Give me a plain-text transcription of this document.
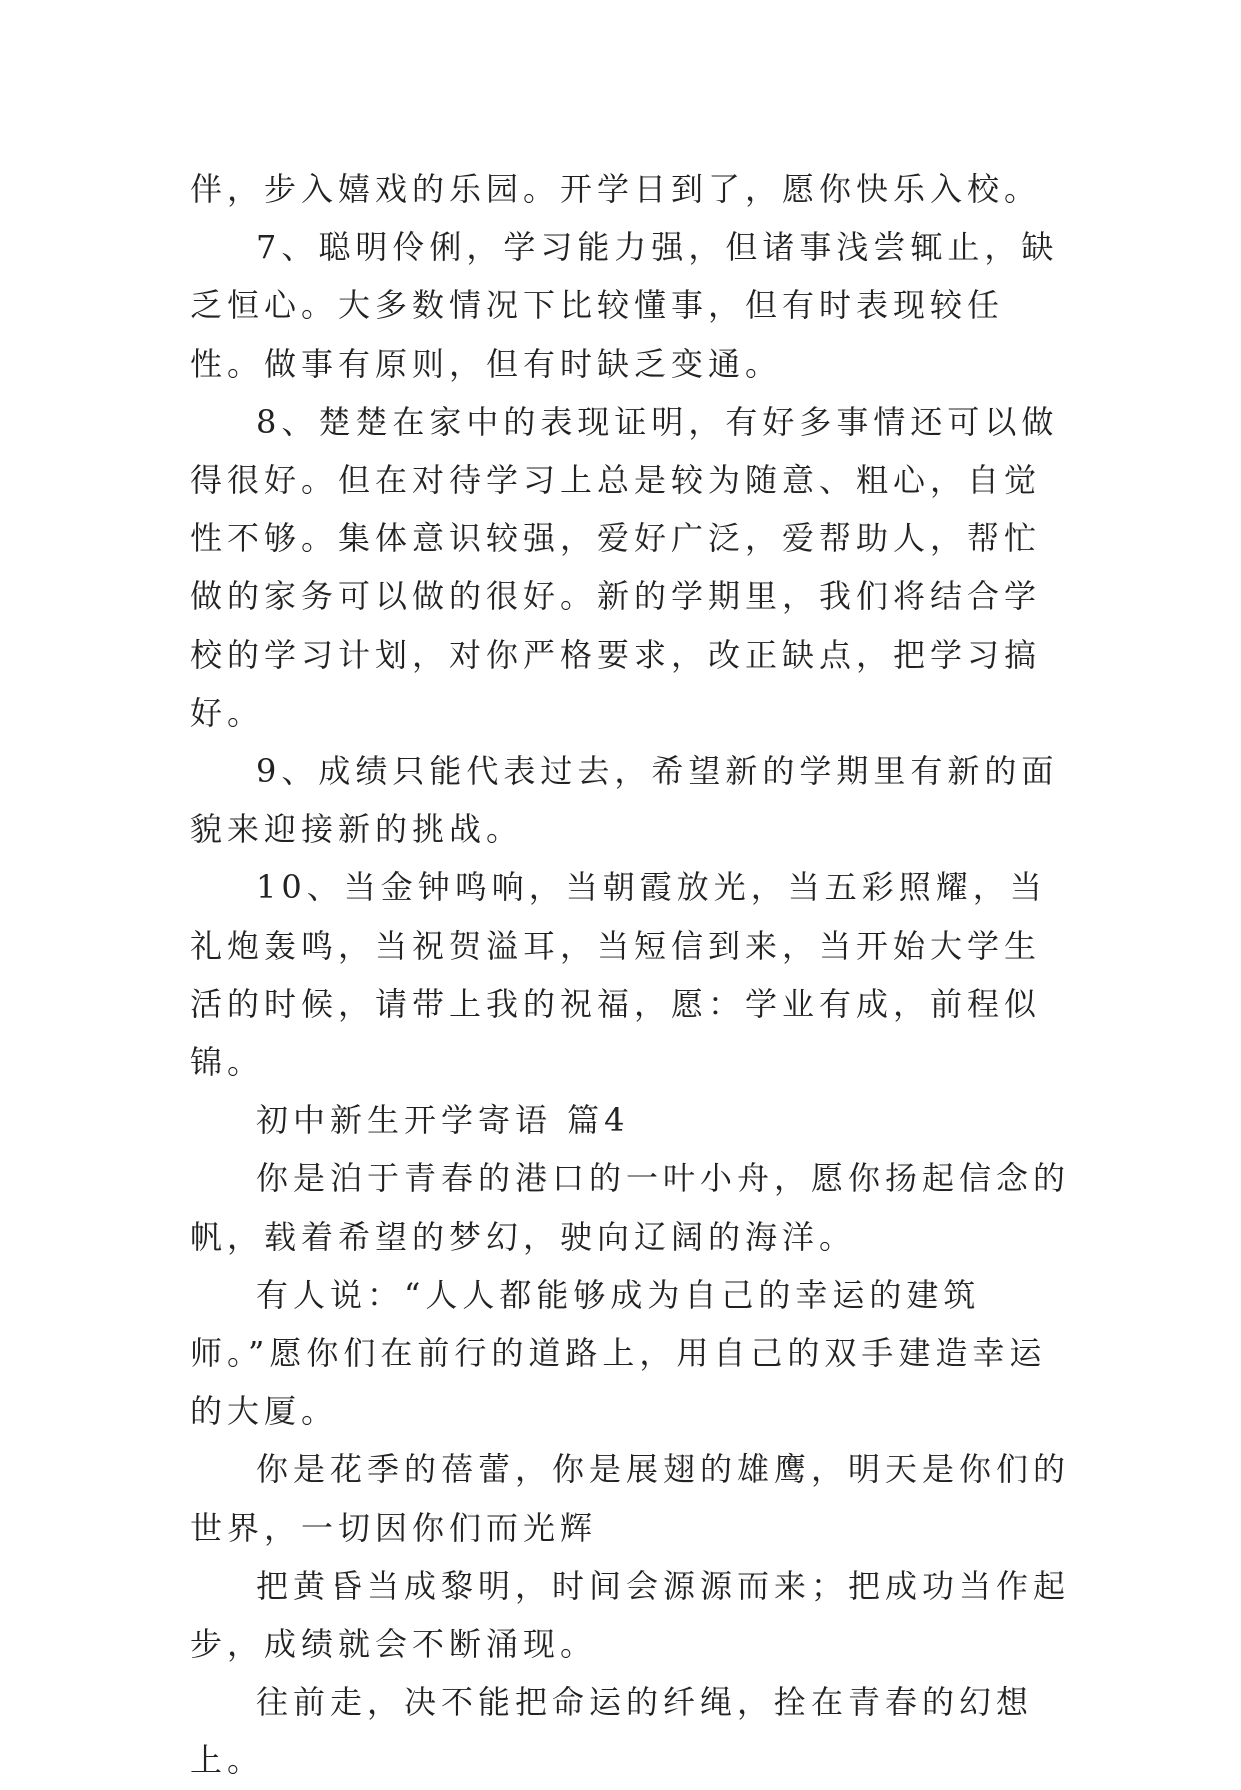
伴，步入嬉戏的乐园。开学日到了，愿你快乐入校。

7、聪明伶俐，学习能力强，但诸事浅尝辄止，缺乏恒心。大多数情况下比较懂事，但有时表现较任性。做事有原则，但有时缺乏变通。

8、楚楚在家中的表现证明，有好多事情还可以做得很好。但在对待学习上总是较为随意、粗心，自觉性不够。集体意识较强，爱好广泛，爱帮助人，帮忙做的家务可以做的很好。新的学期里，我们将结合学校的学习计划，对你严格要求，改正缺点，把学习搞好。

9、成绩只能代表过去，希望新的学期里有新的面貌来迎接新的挑战。

10、当金钟鸣响，当朝霞放光，当五彩照耀，当礼炮轰鸣，当祝贺溢耳，当短信到来，当开始大学生活的时候，请带上我的祝福，愿：学业有成，前程似锦。

初中新生开学寄语 篇4

你是泊于青春的港口的一叶小舟，愿你扬起信念的帆，载着希望的梦幻，驶向辽阔的海洋。

有人说：“人人都能够成为自己的幸运的建筑师。”愿你们在前行的道路上，用自己的双手建造幸运的大厦。

你是花季的蓓蕾，你是展翅的雄鹰，明天是你们的世界，一切因你们而光辉

把黄昏当成黎明，时间会源源而来；把成功当作起步，成绩就会不断涌现。

往前走，决不能把命运的纤绳，拴在青春的幻想上。
